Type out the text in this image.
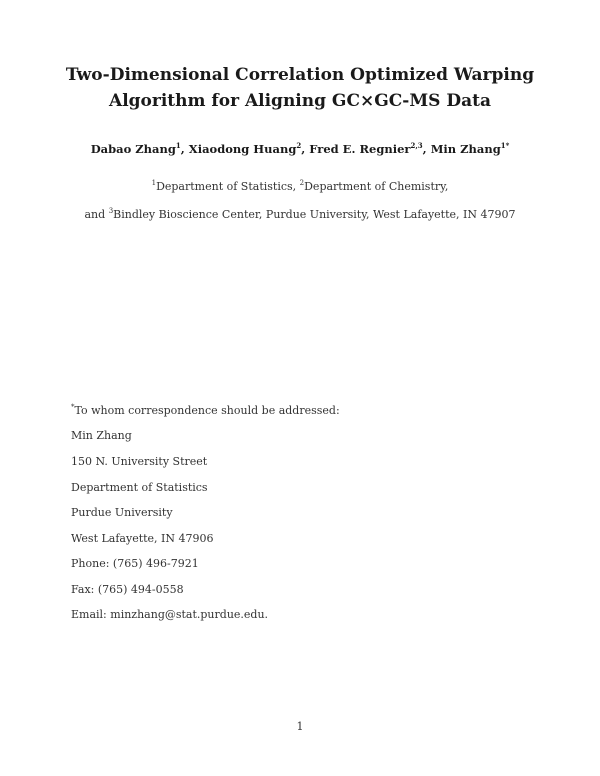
Two-Dimensional Correlation Optimized Warping
Algorithm for Aligning GC×GC-MS Data
Dabao Zhang$^1$, Xiaodong Huang$^2$, Fred E. Regnier$^{2,3}$, Min Zhang$^{1*}$
$^1$Department of Statistics, $^2$Department of Chemistry,
and $^3$Bindley Bioscience Center, Purdue University, West Lafayette, IN 47907
*To whom correspondence should be addressed:
Min Zhang
150 N. University Street
Department of Statistics
Purdue University
West Lafayette, IN 47906
Phone: (765) 496-7921
Fax: (765) 494-0558
Email: minzhang@stat.purdue.edu.
1
